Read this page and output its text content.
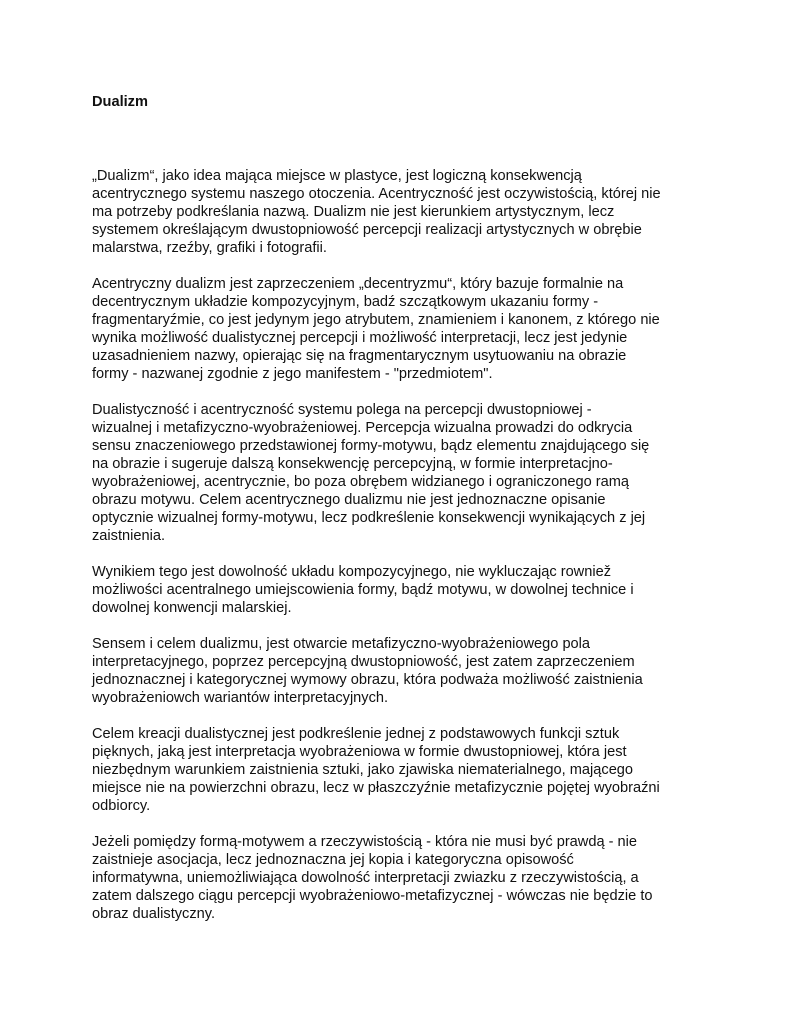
Dualizm

„Dualizm“, jako idea mająca miejsce w plastyce, jest logiczną konsekwencją
acentrycznego systemu naszego otoczenia. Acentryczność jest oczywistością, której nie
ma potrzeby podkreślania nazwą. Dualizm nie jest kierunkiem artystycznym, lecz
systemem określającym dwustopniowość percepcji realizacji artystycznych w obrębie
malarstwa, rzeźby, grafiki i fotografii.

Acentryczny dualizm jest zaprzeczeniem „decentryzmu“, który bazuje formalnie na
decentrycznym układzie kompozycyjnym, badź szczątkowym ukazaniu formy -
fragmentaryźmie, co jest jedynym jego atrybutem, znamieniem i kanonem, z którego nie
wynika możliwość dualistycznej percepcji i możliwość interpretacji, lecz jest jedynie
uzasadnieniem nazwy, opierając się na fragmentarycznym usytuowaniu na obrazie
formy - nazwanej zgodnie z jego manifestem - "przedmiotem".

Dualistyczność i acentryczność systemu polega na percepcji dwustopniowej -
wizualnej i metafizyczno-wyobrażeniowej. Percepcja wizualna prowadzi do odkrycia
sensu znaczeniowego przedstawionej formy-motywu, bądz elementu znajdującego się
na obrazie i sugeruje dalszą konsekwencję percepcyjną, w formie interpretacjno-
wyobrażeniowej, acentrycznie, bo poza obrębem widzianego i ograniczonego ramą
obrazu motywu. Celem acentrycznego dualizmu nie jest jednoznaczne opisanie
optycznie wizualnej formy-motywu, lecz podkreślenie konsekwencji wynikających z jej
zaistnienia.

Wynikiem tego jest dowolność układu kompozycyjnego, nie wykluczając rowniež
możliwości acentralnego umiejscowienia formy, bądź motywu, w dowolnej technice i
dowolnej konwencji malarskiej.

Sensem i celem dualizmu, jest otwarcie metafizyczno-wyobrażeniowego pola
interpretacyjnego, poprzez percepcyjną dwustopniowość, jest zatem zaprzeczeniem
jednoznacznej i kategorycznej wymowy obrazu, która podważa możliwość zaistnienia
wyobrażeniowch wariantów interpretacyjnych.

Celem kreacji dualistycznej jest podkreślenie jednej z podstawowych funkcji sztuk
pięknych, jaką jest interpretacja wyobrażeniowa w formie dwustopniowej, która jest
niezbędnym warunkiem zaistnienia sztuki, jako zjawiska niematerialnego, mającego
miejsce nie na powierzchni obrazu, lecz w płaszczyźnie metafizycznie pojętej wyobraźni
odbiorcy.

Jeżeli pomiędzy formą-motywem a rzeczywistością - która nie musi być prawdą - nie
zaistnieje asocjacja, lecz jednoznaczna jej kopia i kategoryczna opisowość
informatywna, uniemożliwiająca dowolność interpretacji zwiazku z rzeczywistością, a
zatem dalszego ciągu percepcji wyobrażeniowo-metafizycznej - wówczas nie będzie to
obraz dualistyczny.
